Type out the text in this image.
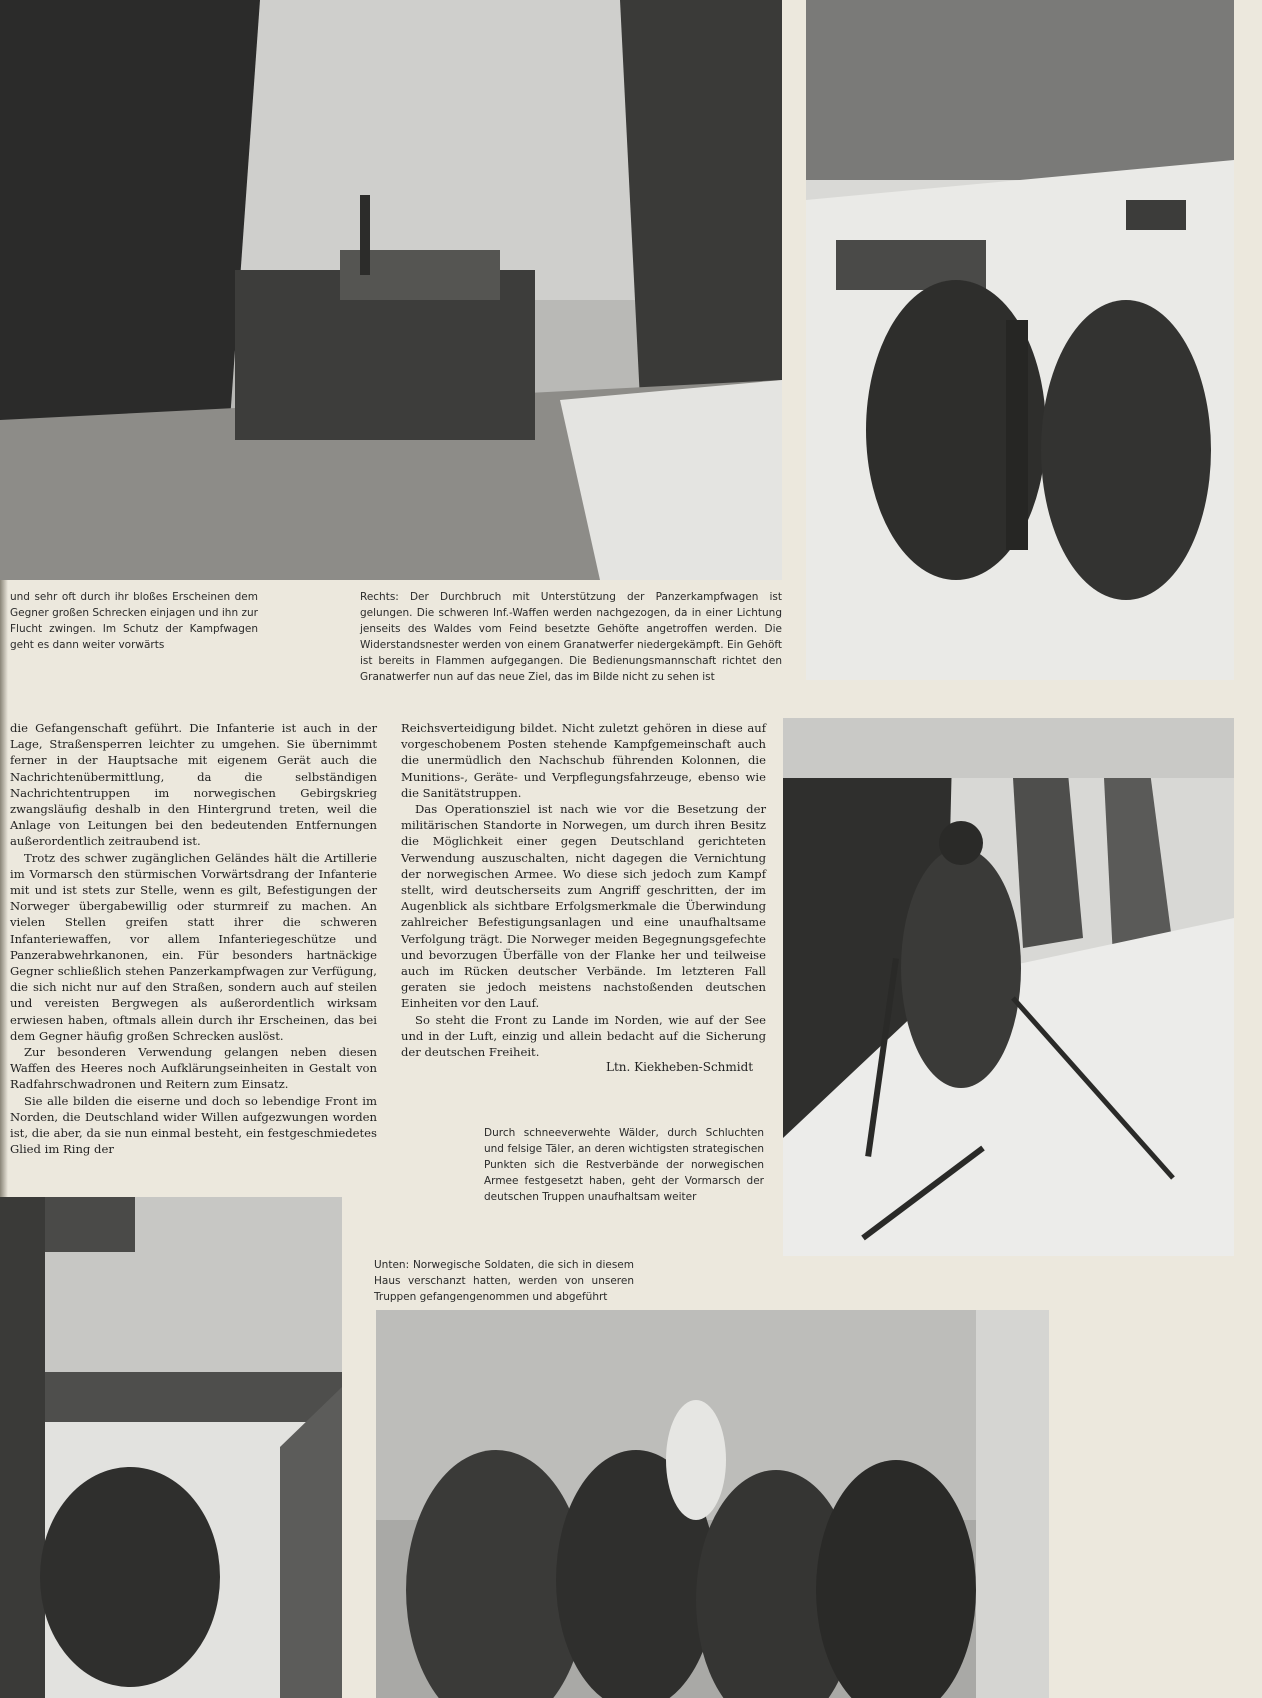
und sehr oft durch ihr bloßes Erscheinen dem Gegner großen Schrecken einjagen und ihn zur Flucht zwingen. Im Schutz der Kampfwagen geht es dann weiter vorwärts
Rechts: Der Durchbruch mit Unterstützung der Panzerkampfwagen ist gelungen. Die schweren Inf.-Waffen werden nachgezogen, da in einer Lichtung jenseits des Waldes vom Feind besetzte Gehöfte angetroffen werden. Die Widerstandsnester werden von einem Granatwerfer niedergekämpft. Ein Gehöft ist bereits in Flammen aufgegangen. Die Bedienungsmannschaft richtet den Granatwerfer nun auf das neue Ziel, das im Bilde nicht zu sehen ist
Durch schneeverwehte Wälder, durch Schluchten und felsige Täler, an deren wichtigsten strategischen Punkten sich die Restverbände der norwegischen Armee festgesetzt haben, geht der Vormarsch der deutschen Truppen unaufhaltsam weiter
Unten: Norwegische Soldaten, die sich in diesem Haus verschanzt hatten, werden von unseren Truppen gefangengenommen und abgeführt

die Gefangenschaft geführt. Die Infanterie ist auch in der Lage, Straßensperren leichter zu umgehen. Sie übernimmt ferner in der Hauptsache mit eigenem Gerät auch die Nachrichtenübermittlung, da die selbständigen Nachrichtentruppen im norwegischen Gebirgskrieg zwangsläufig deshalb in den Hintergrund treten, weil die Anlage von Leitungen bei den bedeutenden Entfernungen außerordentlich zeitraubend ist.

Trotz des schwer zugänglichen Geländes hält die Artillerie im Vormarsch den stürmischen Vorwärtsdrang der Infanterie mit und ist stets zur Stelle, wenn es gilt, Befestigungen der Norweger übergabewillig oder sturmreif zu machen. An vielen Stellen greifen statt ihrer die schweren Infanteriewaffen, vor allem Infanteriegeschütze und Panzerabwehrkanonen, ein. Für besonders hartnäckige Gegner schließlich stehen Panzerkampfwagen zur Verfügung, die sich nicht nur auf den Straßen, sondern auch auf steilen und vereisten Bergwegen als außerordentlich wirksam erwiesen haben, oftmals allein durch ihr Erscheinen, das bei dem Gegner häufig großen Schrecken auslöst.

Zur besonderen Verwendung gelangen neben diesen Waffen des Heeres noch Aufklärungseinheiten in Gestalt von Radfahrschwadronen und Reitern zum Einsatz.

Sie alle bilden die eiserne und doch so lebendige Front im Norden, die Deutschland wider Willen aufgezwungen worden ist, die aber, da sie nun einmal besteht, ein festgeschmiedetes Glied im Ring der

Reichsverteidigung bildet. Nicht zuletzt gehören in diese auf vorgeschobenem Posten stehende Kampfgemeinschaft auch die unermüdlich den Nachschub führenden Kolonnen, die Munitions-, Geräte- und Verpflegungsfahrzeuge, ebenso wie die Sanitätstruppen.

Das Operationsziel ist nach wie vor die Besetzung der militärischen Standorte in Norwegen, um durch ihren Besitz die Möglichkeit einer gegen Deutschland gerichteten Verwendung auszuschalten, nicht dagegen die Vernichtung der norwegischen Armee. Wo diese sich jedoch zum Kampf stellt, wird deutscherseits zum Angriff geschritten, der im Augenblick als sichtbare Erfolgsmerkmale die Überwindung zahlreicher Befestigungsanlagen und eine unaufhaltsame Verfolgung trägt. Die Norweger meiden Begegnungsgefechte und bevorzugen Überfälle von der Flanke her und teilweise auch im Rücken deutscher Verbände. Im letzteren Fall geraten sie jedoch meistens nachstoßenden deutschen Einheiten vor den Lauf.

So steht die Front zu Lande im Norden, wie auf der See und in der Luft, einzig und allein bedacht auf die Sicherung der deutschen Freiheit.

Ltn. Kiekheben-Schmidt
